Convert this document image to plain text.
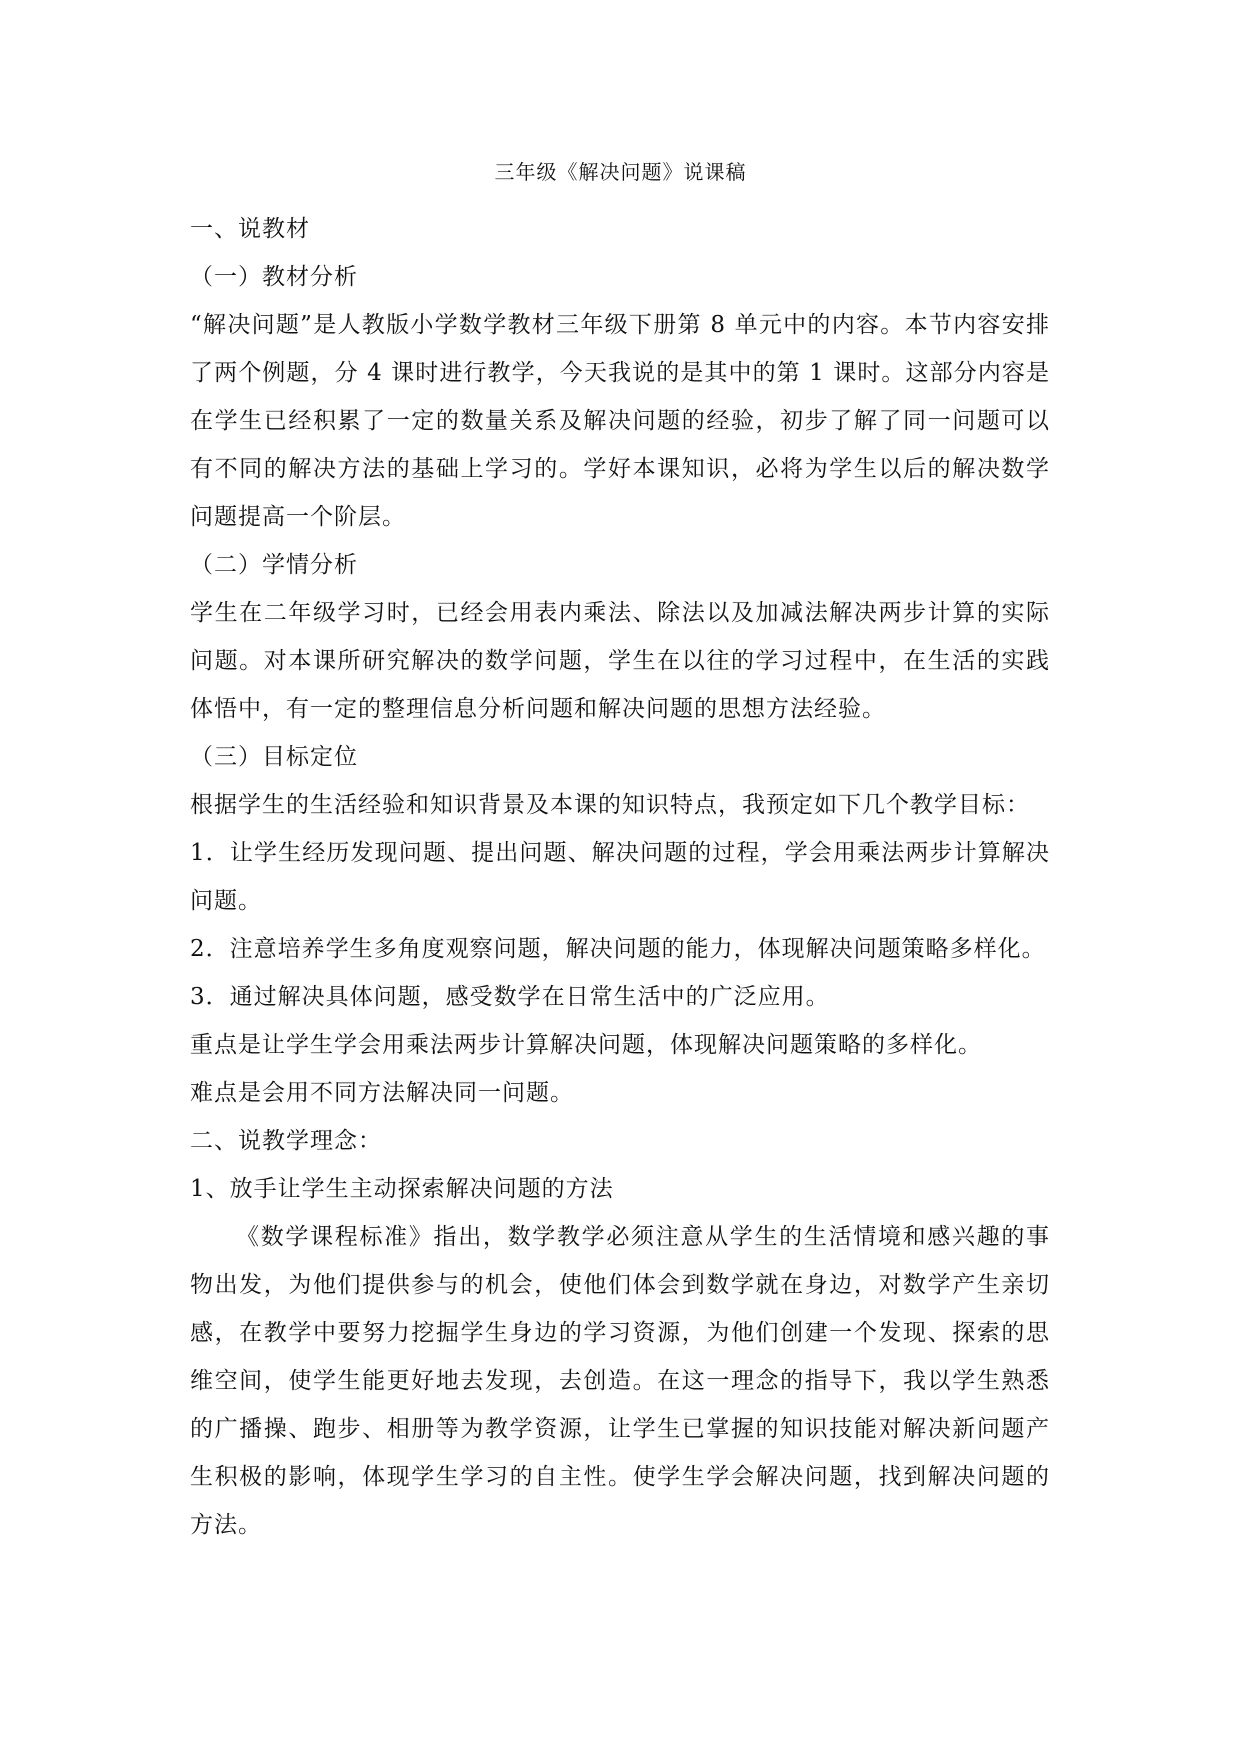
三年级《解决问题》说课稿

一、说教材

（一）教材分析

“解决问题”是人教版小学数学教材三年级下册第 8 单元中的内容。本节内容安排了两个例题，分 4 课时进行教学，今天我说的是其中的第 1 课时。这部分内容是在学生已经积累了一定的数量关系及解决问题的经验，初步了解了同一问题可以有不同的解决方法的基础上学习的。学好本课知识，必将为学生以后的解决数学问题提高一个阶层。

（二）学情分析

学生在二年级学习时，已经会用表内乘法、除法以及加减法解决两步计算的实际问题。对本课所研究解决的数学问题，学生在以往的学习过程中，在生活的实践体悟中，有一定的整理信息分析问题和解决问题的思想方法经验。

（三）目标定位

根据学生的生活经验和知识背景及本课的知识特点，我预定如下几个教学目标：

1．让学生经历发现问题、提出问题、解决问题的过程，学会用乘法两步计算解决问题。

2．注意培养学生多角度观察问题，解决问题的能力，体现解决问题策略多样化。

3．通过解决具体问题，感受数学在日常生活中的广泛应用。

重点是让学生学会用乘法两步计算解决问题，体现解决问题策略的多样化。

难点是会用不同方法解决同一问题。

二、说教学理念：

1、放手让学生主动探索解决问题的方法

《数学课程标准》指出，数学教学必须注意从学生的生活情境和感兴趣的事物出发，为他们提供参与的机会，使他们体会到数学就在身边，对数学产生亲切感，在教学中要努力挖掘学生身边的学习资源，为他们创建一个发现、探索的思维空间，使学生能更好地去发现，去创造。在这一理念的指导下，我以学生熟悉的广播操、跑步、相册等为教学资源，让学生已掌握的知识技能对解决新问题产生积极的影响，体现学生学习的自主性。使学生学会解决问题，找到解决问题的方法。
